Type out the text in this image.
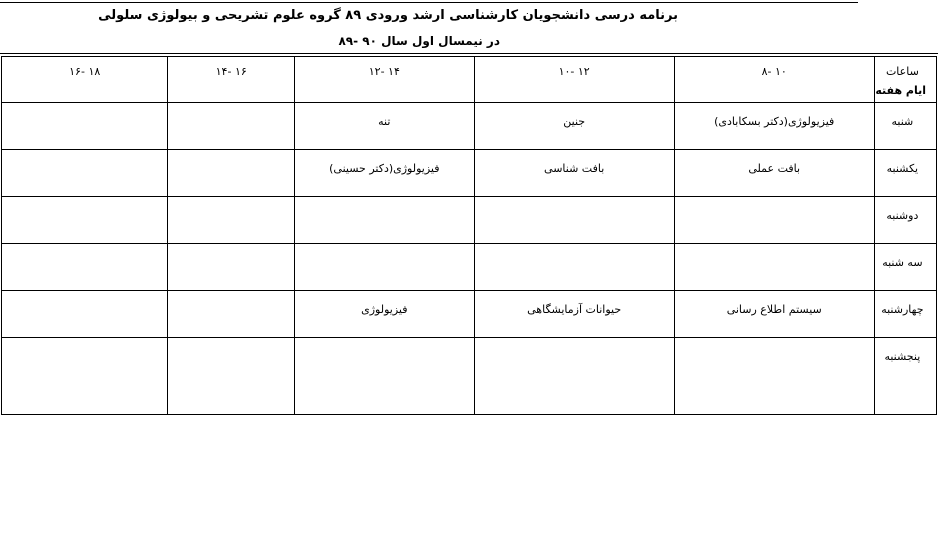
برنامه درسی دانشجویان کارشناسی ارشد ورودی ۸۹ گروه علوم تشریحی و بیولوژی سلولی
در نیمسال اول سال ۹۰ -۸۹
ساعات
ایام هفته	۱۰ -۸	۱۲ -۱۰	۱۴ -۱۲	۱۶ -۱۴	۱۸ -۱۶

شنبه	فیزیولوژی(دکتر بسکابادی)	جنین	تنه		

یکشنبه	بافت عملی	بافت شناسی	فیزیولوژی(دکتر حسینی)		

دوشنبه					

سه شنبه					

چهارشنبه	سیستم اطلاع رسانی	حیوانات آزمایشگاهی	فیزیولوژی		

پنجشنبه					
